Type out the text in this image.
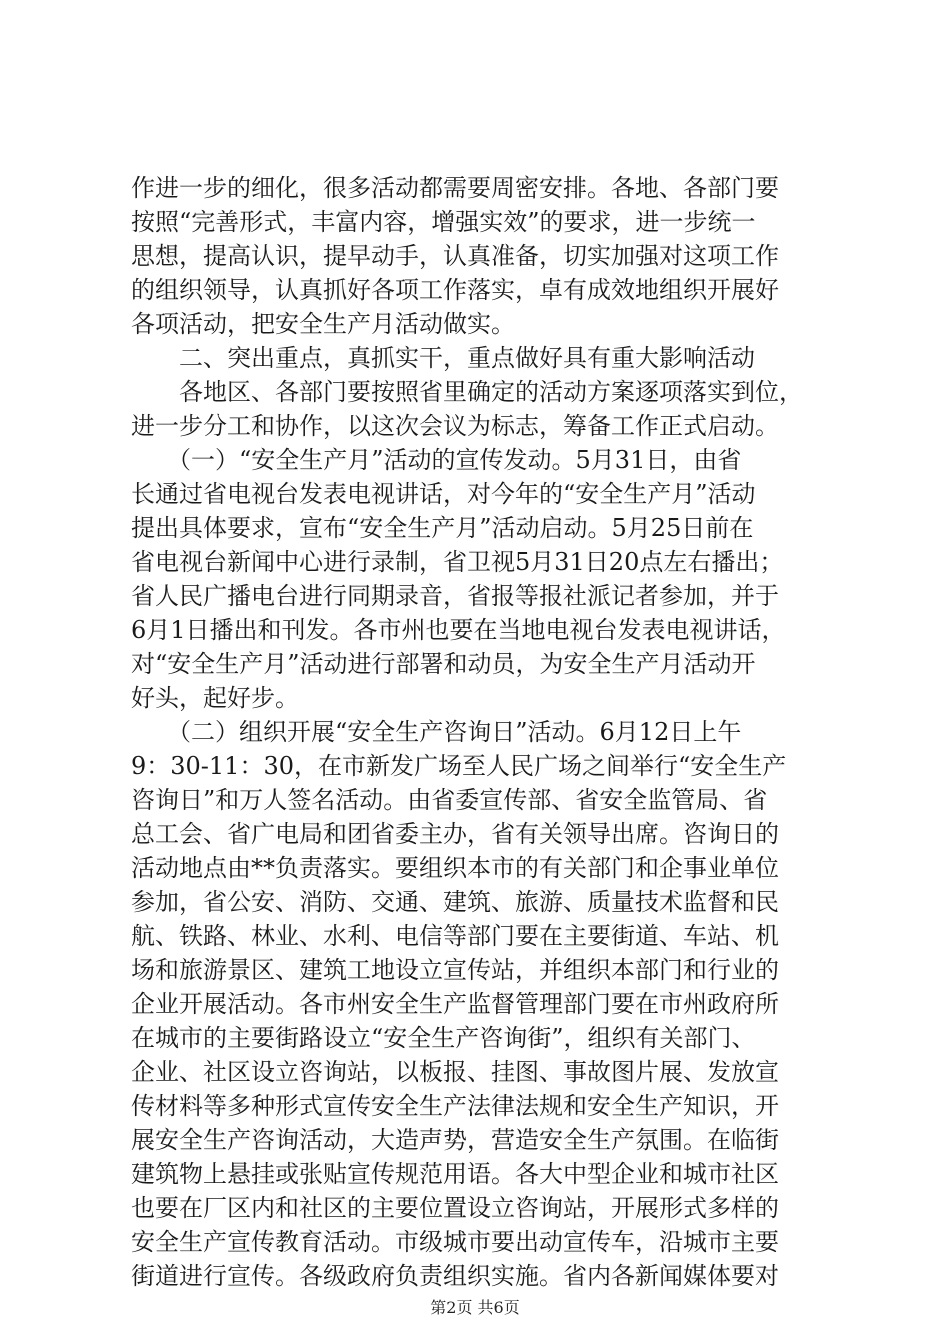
作进一步的细化，很多活动都需要周密安排。各地、各部门要
按照“完善形式，丰富内容，增强实效”的要求，进一步统一
思想，提高认识，提早动手，认真准备，切实加强对这项工作
的组织领导，认真抓好各项工作落实，卓有成效地组织开展好
各项活动，把安全生产月活动做实。
　　二、突出重点，真抓实干，重点做好具有重大影响活动
　　各地区、各部门要按照省里确定的活动方案逐项落实到位，
进一步分工和协作，以这次会议为标志，筹备工作正式启动。
　　（一）“安全生产月”活动的宣传发动。5月31日，由省
长通过省电视台发表电视讲话，对今年的“安全生产月”活动
提出具体要求，宣布“安全生产月”活动启动。5月25日前在
省电视台新闻中心进行录制，省卫视5月31日20点左右播出；
省人民广播电台进行同期录音，省报等报社派记者参加，并于
6月1日播出和刊发。各市州也要在当地电视台发表电视讲话，
对“安全生产月”活动进行部署和动员，为安全生产月活动开
好头，起好步。
　　（二）组织开展“安全生产咨询日”活动。6月12日上午
9：30-11：30，在市新发广场至人民广场之间举行“安全生产
咨询日”和万人签名活动。由省委宣传部、省安全监管局、省
总工会、省广电局和团省委主办，省有关领导出席。咨询日的
活动地点由**负责落实。要组织本市的有关部门和企事业单位
参加，省公安、消防、交通、建筑、旅游、质量技术监督和民
航、铁路、林业、水利、电信等部门要在主要街道、车站、机
场和旅游景区、建筑工地设立宣传站，并组织本部门和行业的
企业开展活动。各市州安全生产监督管理部门要在市州政府所
在城市的主要街路设立“安全生产咨询街”，组织有关部门、
企业、社区设立咨询站，以板报、挂图、事故图片展、发放宣
传材料等多种形式宣传安全生产法律法规和安全生产知识，开
展安全生产咨询活动，大造声势，营造安全生产氛围。在临街
建筑物上悬挂或张贴宣传规范用语。各大中型企业和城市社区
也要在厂区内和社区的主要位置设立咨询站，开展形式多样的
安全生产宣传教育活动。市级城市要出动宣传车，沿城市主要
街道进行宣传。各级政府负责组织实施。省内各新闻媒体要对
第2页 共6页
